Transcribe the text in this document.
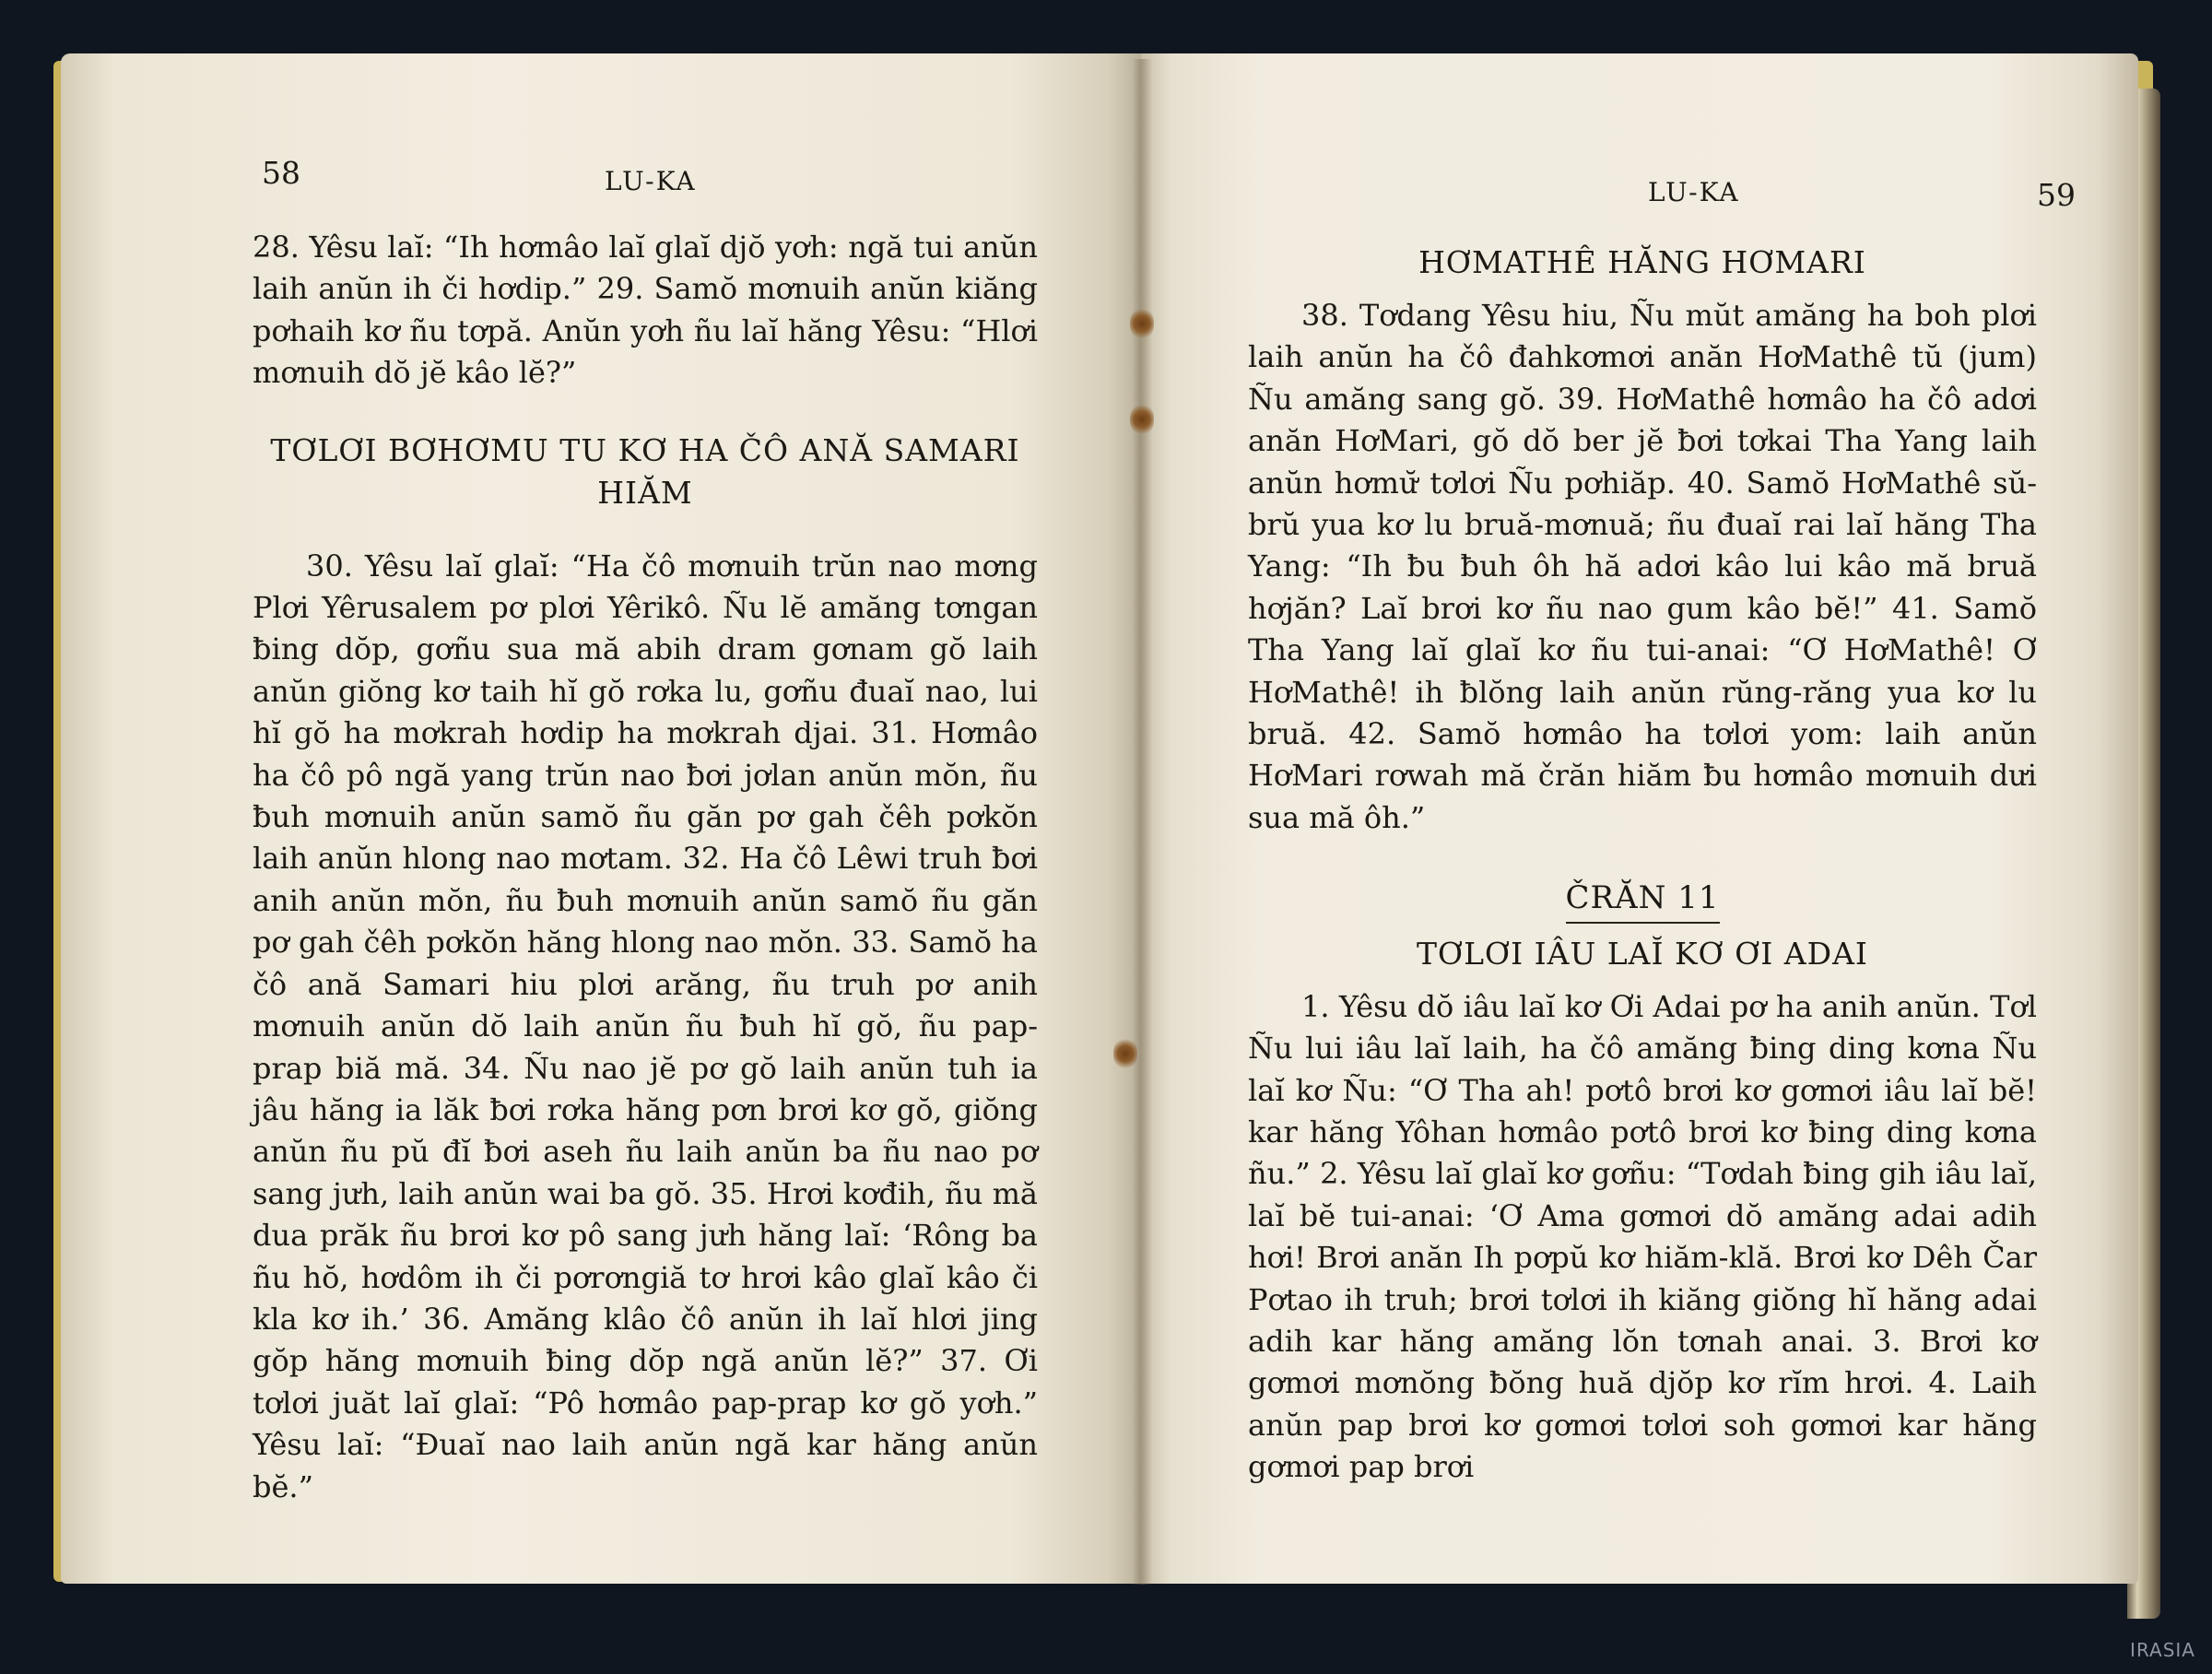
58	LU-KA

28. Yêsu laĭ: “Ih hơmâo laĭ glaĭ djŏ yơh: ngă tui anŭn laih anŭn ih či hơdip.” 29. Samŏ mơnuih anŭn kiăng pơhaih kơ ñu tơpă. Anŭn yơh ñu laĭ hăng Yêsu: “Hlơi mơnuih dŏ jĕ kâo lĕ?”

TƠLƠI BƠHƠMU TU KƠ HA ČÔ ANĂ SAMARI HIĂM

30. Yêsu laĭ glaĭ: “Ha čô mơnuih trŭn nao mơng Plơi Yêrusalem pơ plơi Yêrikô. Ñu lĕ amăng tơngan ƀing dŏp, gơñu sua mă abih dram gơnam gŏ laih anŭn giŏng kơ taih hĭ gŏ rơka lu, gơñu đuaĭ nao, lui hĭ gŏ ha mơkrah hơdip ha mơkrah djai. 31. Hơmâo ha čô pô ngă yang trŭn nao ƀơi jơlan anŭn mŏn, ñu ƀuh mơnuih anŭn samŏ ñu găn pơ gah čêh pơkŏn laih anŭn hlong nao mơtam. 32. Ha čô Lêwi truh ƀơi anih anŭn mŏn, ñu ƀuh mơnuih anŭn samŏ ñu găn pơ gah čêh pơkŏn hăng hlong nao mŏn. 33. Samŏ ha čô ană Samari hiu plơi arăng, ñu truh pơ anih mơnuih anŭn dŏ laih anŭn ñu ƀuh hĭ gŏ, ñu pap-prap biă mă. 34. Ñu nao jĕ pơ gŏ laih anŭn tuh ia jâu hăng ia lăk ƀơi rơka hăng pơn brơi kơ gŏ, giŏng anŭn ñu pŭ đĭ ƀơi aseh ñu laih anŭn ba ñu nao pơ sang jưh, laih anŭn wai ba gŏ. 35. Hrơi kơđih, ñu mă dua prăk ñu brơi kơ pô sang jưh hăng laĭ: ‘Rông ba ñu hŏ, hơdôm ih či pơrơngiă tơ hrơi kâo glaĭ kâo či kla kơ ih.’ 36. Amăng klâo čô anŭn ih laĭ hlơi jing gŏp hăng mơnuih ƀing dŏp ngă anŭn lĕ?” 37. Ơi tơlơi juăt laĭ glaĭ: “Pô hơmâo pap-prap kơ gŏ yơh.” Yêsu laĭ: “Đuaĭ nao laih anŭn ngă kar hăng anŭn bĕ.”

LU-KA	59
HƠMATHÊ HĂNG HƠMARI

38. Tơdang Yêsu hiu, Ñu mŭt amăng ha boh plơi laih anŭn ha čô đahkơmơi anăn HơMathê tŭ (jum) Ñu amăng sang gŏ. 39. HơMathê hơmâo ha čô adơi anăn HơMari, gŏ dŏ ber jĕ ƀơi tơkai Tha Yang laih anŭn hơmư̆ tơlơi Ñu pơhiăp. 40. Samŏ HơMathê sŭ-brŭ yua kơ lu bruă-mơnuă; ñu đuaĭ rai laĭ hăng Tha Yang: “Ih ƀu ƀuh ôh hă adơi kâo lui kâo mă bruă hơjăn? Laĭ brơi kơ ñu nao gum kâo bĕ!” 41. Samŏ Tha Yang laĭ glaĭ kơ ñu tui-anai: “Ơ HơMathê! Ơ HơMathê! ih ƀlŏng laih anŭn rŭng-răng yua kơ lu bruă. 42. Samŏ hơmâo ha tơlơi yom: laih anŭn HơMari rơwah mă črăn hiăm ƀu hơmâo mơnuih dưi sua mă ôh.”

ČRĂN 11
TƠLƠI IÂU LAĬ KƠ ƠI ADAI

1. Yêsu dŏ iâu laĭ kơ Ơi Adai pơ ha anih anŭn. Tơl Ñu lui iâu laĭ laih, ha čô amăng ƀing ding kơna Ñu laĭ kơ Ñu: “Ơ Tha ah! pơtô brơi kơ gơmơi iâu laĭ bĕ! kar hăng Yôhan hơmâo pơtô brơi kơ ƀing ding kơna ñu.” 2. Yêsu laĭ glaĭ kơ gơñu: “Tơdah ƀing gih iâu laĭ, laĭ bĕ tui-anai: ‘Ơ Ama gơmơi dŏ amăng adai adih hơi! Brơi anăn Ih pơpŭ kơ hiăm-klă. Brơi kơ Dêh Čar Pơtao ih truh; brơi tơlơi ih kiăng giŏng hĭ hăng adai adih kar hăng amăng lŏn tơnah anai. 3. Brơi kơ gơmơi mơnŏng ƀŏng huă djŏp kơ rĭm hrơi. 4. Laih anŭn pap brơi kơ gơmơi tơlơi soh gơmơi kar hăng gơmơi pap brơi

IRASIA
